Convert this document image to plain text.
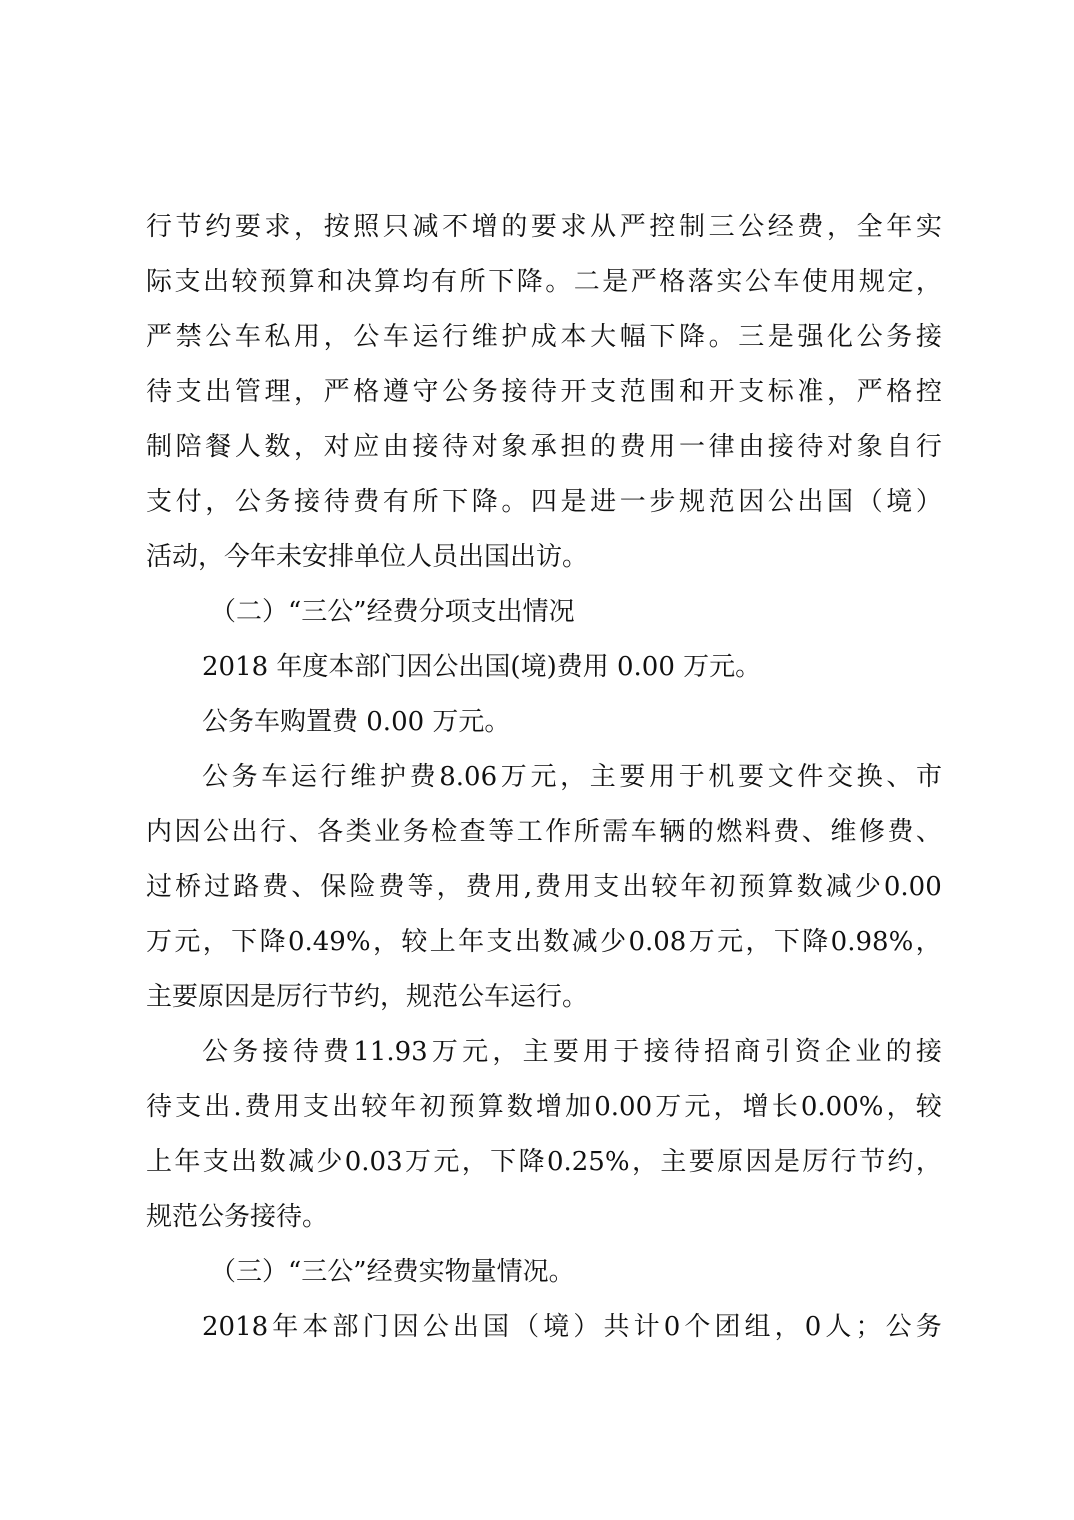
行 节 约 要 求 ， 按 照 只 减 不 增 的 要 求 从 严 控 制 三 公 经 费 ， 全 年 实
际 支 出 较 预 算 和 决 算 均 有 所 下 降 。 二 是 严 格 落 实 公 车 使 用 规 定 ，
严 禁 公 车 私 用 ， 公 车 运 行 维 护 成 本 大 幅 下 降 。 三 是 强 化 公 务 接
待 支 出 管 理 ， 严 格 遵 守 公 务 接 待 开 支 范 围 和 开 支 标 准 ， 严 格 控
制 陪 餐 人 数 ， 对 应 由 接 待 对 象 承 担 的 费 用 一 律 由 接 待 对 象 自 行
支 付 ， 公 务 接 待 费 有 所 下 降 。 四 是 进 一 步 规 范 因 公 出 国 （ 境 ）
活动，今年未安排单位人员出国出访。
（二）“三公”经费分项支出情况
2018 年度本部门因公出国(境)费用 0.00 万元。
公务车购置费 0.00 万元。
公 务 车 运 行 维 护 费 8.06 万 元 ， 主 要 用 于 机 要 文 件 交 换 、 市
内 因 公 出 行 、 各 类 业 务 检 查 等 工 作 所 需 车 辆 的 燃 料 费 、 维 修 费 、
过 桥 过 路 费 、 保 险 费 等 ， 费 用 , 费 用 支 出 较 年 初 预 算 数 减 少 0.00
万 元 ， 下 降 0.49% ， 较 上 年 支 出 数 减 少 0.08 万 元 ， 下 降 0.98% ，
主要原因是厉行节约，规范公车运行。
公 务 接 待 费 11.93 万 元 ， 主 要 用 于 接 待 招 商 引 资 企 业 的 接
待 支 出 . 费 用 支 出 较 年 初 预 算 数 增 加 0.00 万 元 ， 增 长 0.00% ， 较
上 年 支 出 数 减 少 0.03 万 元 ， 下 降 0.25% ， 主 要 原 因 是 厉 行 节 约 ，
规范公务接待。
（三）“三公”经费实物量情况。
2018 年 本 部 门 因 公 出 国 （ 境 ） 共 计 0 个 团 组 ， 0 人 ； 公 务
